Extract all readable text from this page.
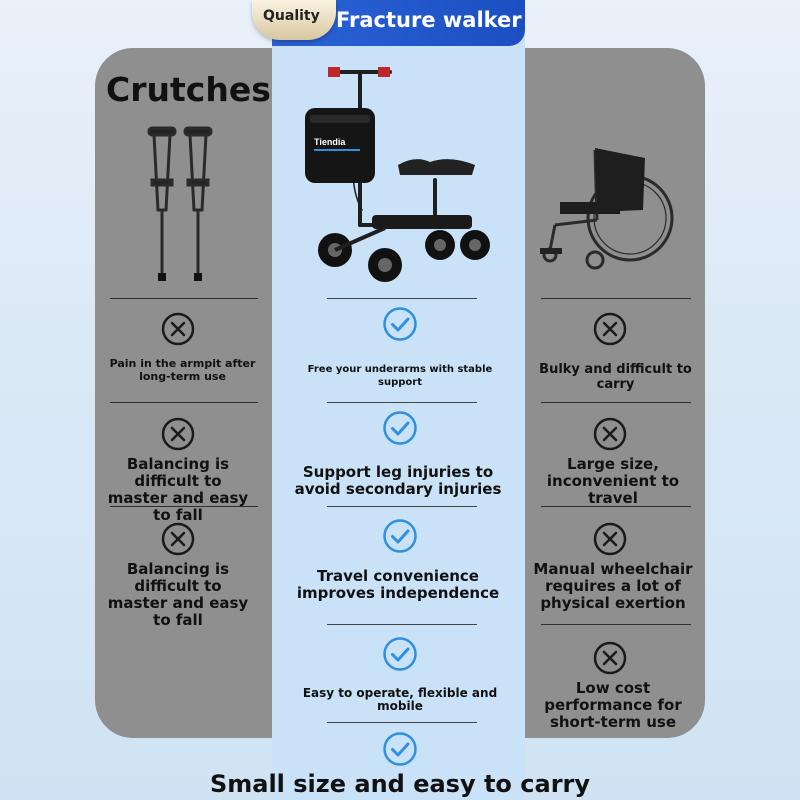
Quality Fracture walker
Crutches
Tiendia
Pain in the armpit after long-term use
Balancing is difficult to master and easy to fall
Balancing is difficult to master and easy to fall
Free your underarms with stable support
Support leg injuries to avoid secondary injuries
Travel convenience improves independence
Easy to operate, flexible and mobile
Small size and easy to carry
Bulky and difficult to carry
Large size, inconvenient to travel
Manual wheelchair requires a lot of physical exertion
Low cost performance for short-term use
